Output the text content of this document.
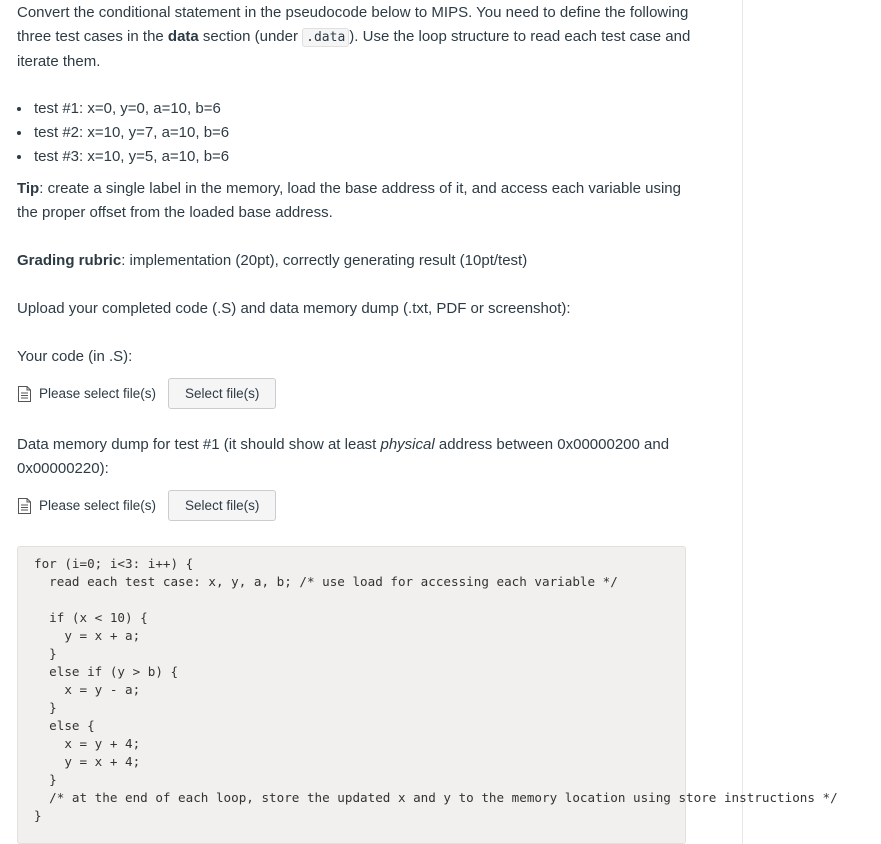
Convert the conditional statement in the pseudocode below to MIPS. You need to define the following three test cases in the data section (under .data ). Use the loop structure to read each test case and iterate them.

• test #1: x=0, y=0, a=10, b=6
• test #2: x=10, y=7, a=10, b=6
• test #3: x=10, y=5, a=10, b=6

Tip: create a single label in the memory, load the base address of it, and access each variable using the proper offset from the loaded base address.

Grading rubric: implementation (20pt), correctly generating result (10pt/test)

Upload your completed code (.S) and data memory dump (.txt, PDF or screenshot):

Your code (in .S):

Please select file(s)	Select file(s)

Data memory dump for test #1 (it should show at least physical address between 0x00000200 and 0x00000220):

Please select file(s)	Select file(s)
for (i=0; i<3: i++) {
read each test case: x, y, a, b; /* use load for accessing each variable */

if (x < 10) {
y = x + a;
}
else if (y > b) {
x = y - a;
}
else {
x = y + 4;
y = x + 4;
}
/* at the end of each loop, store the updated x and y to the memory location using store instructions */
}
